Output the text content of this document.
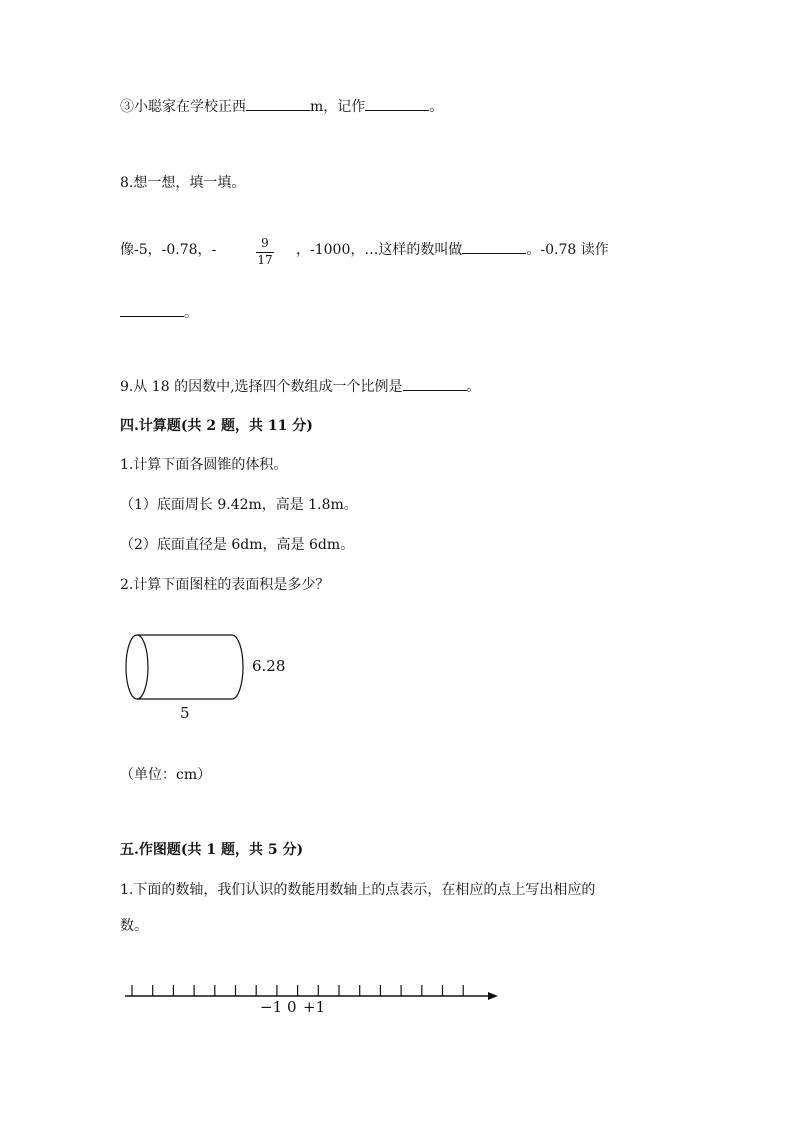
③小聪家在学校正西	m，记作	。
8.想一想，填一填。
像-5，-0.78，-	9
17
，-1000，…这样的数叫做	。-0.78 读作
。
9.从 18 的因数中,选择四个数组成一个比例是	。
四.计算题(共 2 题，共 11 分)
1.计算下面各圆锥的体积。
（1）底面周长 9.42m，高是 1.8m。
（2）底面直径是 6dm，高是 6dm。
2.计算下面图柱的表面积是多少？
6.28
5
（单位：cm）
五.作图题(共 1 题，共 5 分)
1.下面的数轴，我们认识的数能用数轴上的点表示，在相应的点上写出相应的
数。
−1 0 +1
